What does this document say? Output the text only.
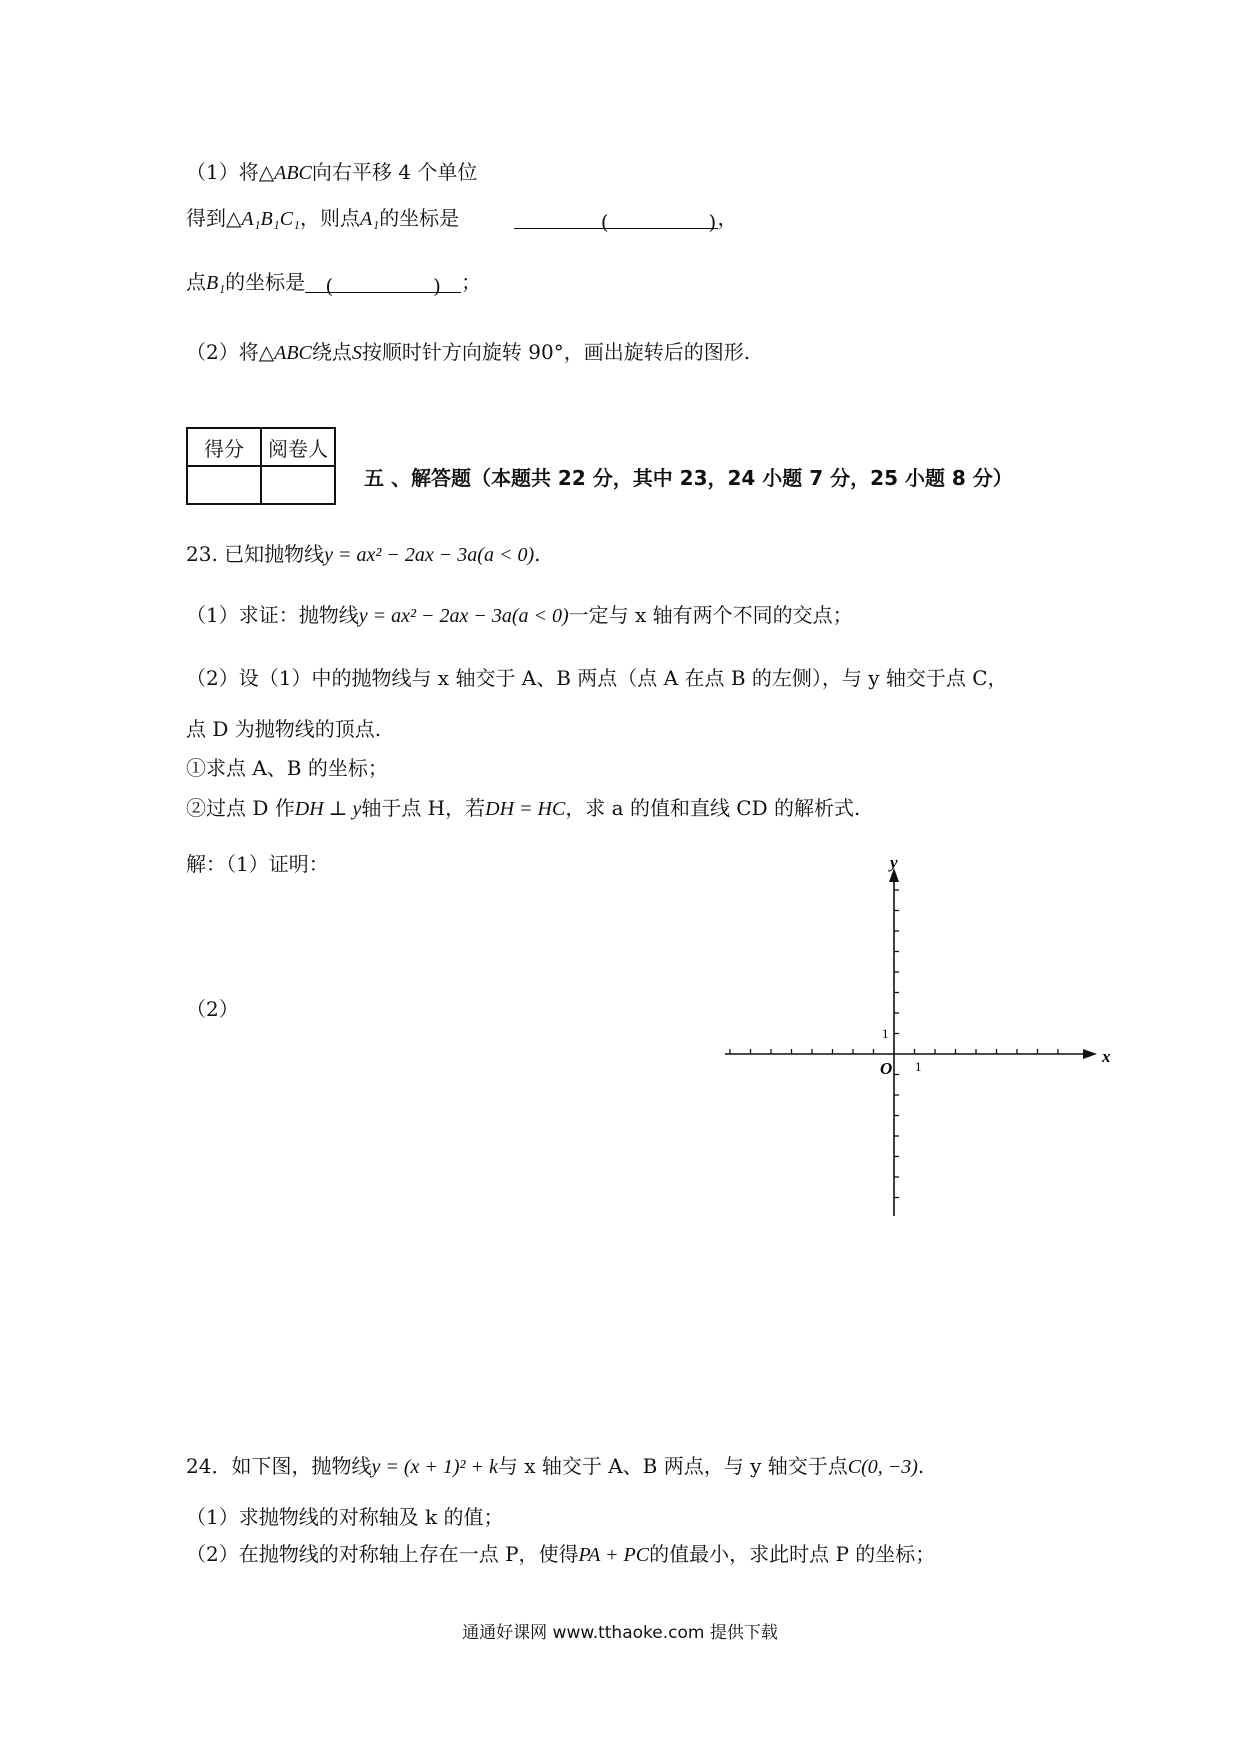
（1）将△ABC向右平移 4 个单位
得到△A₁B₁C₁，则点A₁的坐标是	(　　　　　)，
点B₁的坐标是 (　　　　　) ；
（2）将△ABC绕点S按顺时针方向旋转 90°，画出旋转后的图形.
得分	阅卷人

五 、解答题（本题共 22 分，其中 23，24 小题 7 分，25 小题 8 分）
23. 已知抛物线y = ax² − 2ax − 3a(a < 0).
（1）求证：抛物线y = ax² − 2ax − 3a(a < 0)一定与 x 轴有两个不同的交点；
（2）设（1）中的抛物线与 x 轴交于 A、B 两点（点 A 在点 B 的左侧），与 y 轴交于点 C，
点 D 为抛物线的顶点.
①求点 A、B 的坐标；
②过点 D 作DH ⊥ y轴于点 H，若DH = HC，求 a 的值和直线 CD 的解析式.
解：（1）证明：
（2）
x
y
O 1
1
24．如下图，抛物线y = (x + 1)² + k与 x 轴交于 A、B 两点，与 y 轴交于点C(0, −3).
（1）求抛物线的对称轴及 k 的值；
（2）在抛物线的对称轴上存在一点 P，使得PA + PC的值最小，求此时点 P 的坐标；
通通好课网 www.tthaoke.com 提供下载
